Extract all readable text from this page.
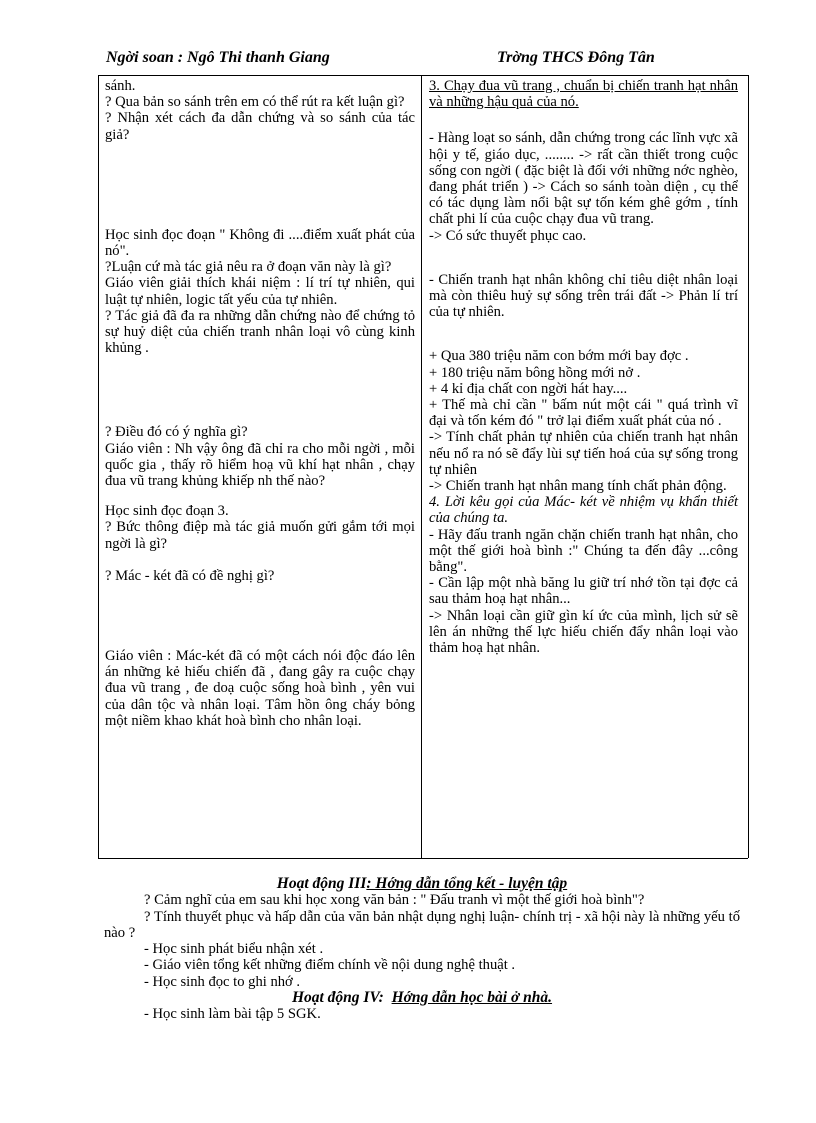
Ngời soan : Ngô Thi thanh Giang	Trờng THCS Đông Tân

sánh.

? Qua bản so sánh trên em có thể rút ra kết luận gì?

? Nhận xét cách đa dẫn chứng và so sánh của tác giả?

Học sinh đọc đoạn " Không đi ....điểm xuất phát của nó".

?Luận cứ mà tác giả nêu ra ở đoạn văn này là gì?

Giáo viên giải thích khái niệm : lí trí tự nhiên, qui luật tự nhiên, logic tất yếu của tự nhiên.

? Tác giả đã đa ra những dẫn chứng nào để chứng tỏ sự huỷ diệt của chiến tranh nhân loại vô cùng kinh khủng .

? Điều đó có ý nghĩa gì?

Giáo viên : Nh vậy ông đã chỉ ra cho mỗi ngời , mỗi quốc gia , thấy rõ hiểm hoạ vũ khí hạt nhân , chạy đua vũ trang khủng khiếp nh thế nào?

Học sinh đọc đoạn 3.

? Bức thông điệp mà tác giả muốn gửi gắm tới mọi ngời là gì?

? Mác - két đã có đề nghị gì?

Giáo viên : Mác-két đã có một cách nói độc đáo lên án những kẻ hiếu chiến đã , đang gây ra cuộc chạy đua vũ trang , đe doạ cuộc sống hoà bình , yên vui của dân tộc và nhân loại. Tâm hồn ông cháy bỏng một niềm khao khát hoà bình cho nhân loại.

3. Chạy đua vũ trang , chuẩn bị chiến tranh hạt nhân và những hậu quả của nó.

- Hàng loạt so sánh, dẫn chứng trong các lĩnh vực xã hội y tế, giáo dục, ........ -> rất cần thiết trong cuộc sống con ngời ( đặc biệt là đối với những nớc nghèo, đang phát triển ) -> Cách so sánh toàn diện , cụ thể có tác dụng làm nổi bật sự tốn kém ghê gớm , tính chất phi lí của cuộc chạy đua vũ trang.

-> Có sức thuyết phục cao.

- Chiến tranh hạt nhân không chỉ tiêu diệt nhân loại mà còn thiêu huỷ sự sống trên trái đất -> Phản lí trí của tự nhiên.

+ Qua 380 triệu năm con bớm mới bay đợc .

+ 180 triệu năm bông hồng mới nở .

+ 4 kỉ địa chất con ngời hát hay....

+ Thế mà chỉ cần " bấm nút một cái " quá trình vĩ đại và tốn kém đó " trở lại điểm xuất phát của nó .

-> Tính chất phản tự nhiên của chiến tranh hạt nhân nếu nổ ra nó sẽ đẩy lùi sự tiến hoá của sự sống trong tự nhiên

-> Chiến tranh hạt nhân mang tính chất phản động.

4. Lời kêu gọi của Mác- két về nhiệm vụ khẩn thiết của chúng ta.

- Hãy đấu tranh ngăn chặn chiến tranh hạt nhân, cho một thế giới hoà bình :" Chúng ta đến đây ...công bằng".

- Cần lập một nhà băng lu giữ trí nhớ tồn tại đợc cả sau thảm hoạ hạt nhân...

-> Nhân loại cần giữ gìn kí ức của mình, lịch sử sẽ lên án những thế lực hiếu chiến đẩy nhân loại vào thảm hoạ hạt nhân.

Hoạt động III: Hớng dẫn tổng kết - luyện tập

? Cảm nghĩ của em sau khi học xong văn bản : " Đấu tranh vì một thế giới hoà bình"?

? Tính thuyết phục và hấp dẫn của văn bản nhật dụng nghị luận- chính trị - xã hội này là những yếu tố nào ?

- Học sinh phát biểu nhận xét .

- Giáo viên tổng kết những điểm chính về nội dung nghệ thuật .

- Học sinh đọc to ghi nhớ .

Hoạt động IV: Hớng dẫn học bài ở nhà.

- Học sinh làm bài tập 5 SGK.
